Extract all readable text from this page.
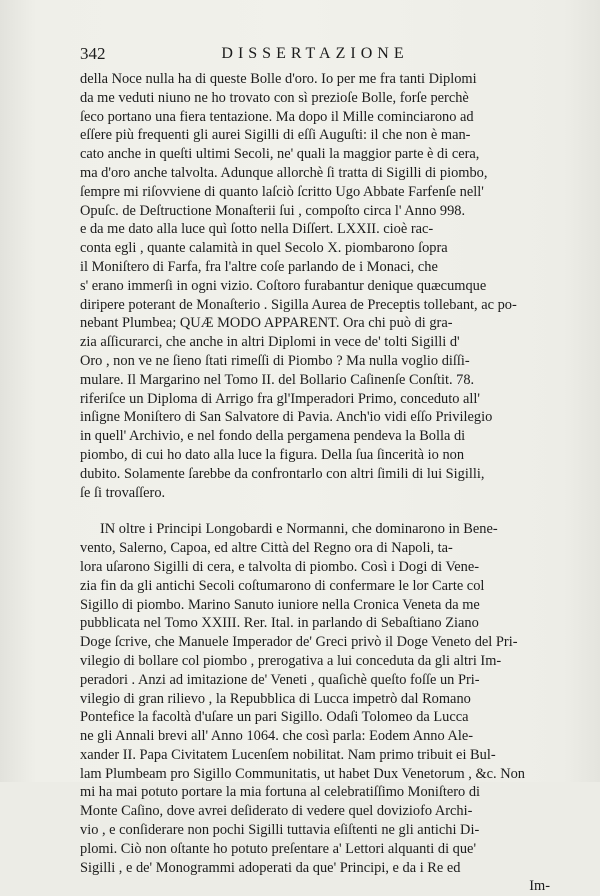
342	DISSERTAZIONE
della Noce nulla ha di queste Bolle d'oro. Io per me fra tanti Diplomi
da me veduti niuno ne ho trovato con sì prezioſe Bolle, forſe perchè
ſeco portano una fiera tentazione. Ma dopo il Mille cominciarono ad
eſſere più frequenti gli aurei Sigilli di eſſi Auguſti: il che non è man-
cato anche in queſti ultimi Secoli, ne' quali la maggior parte è di cera,
ma d'oro anche talvolta. Adunque allorchè ſi tratta di Sigilli di piombo,
ſempre mi riſovviene di quanto laſciò ſcritto Ugo Abbate Farfenſe nell'
Opuſc. de Deſtructione Monaſterii ſui , compoſto circa l' Anno 998.
e da me dato alla luce quì ſotto nella Diſſert. LXXII. cioè rac-
conta egli , quante calamità in quel Secolo X. piombarono ſopra
il Moniſtero di Farfa, fra l'altre coſe parlando de i Monaci, che
s' erano immerſi in ogni vizio. Coſtoro furabantur denique quæcumque
diripere poterant de Monaſterio . Sigilla Aurea de Preceptis tollebant, ac po-
nebant Plumbea; QUÆ MODO APPARENT. Ora chi può di gra-
zia aſſicurarci, che anche in altri Diplomi in vece de' tolti Sigilli d'
Oro , non ve ne ſieno ſtati rimeſſi di Piombo ? Ma nulla voglio diſſi-
mulare. Il Margarino nel Tomo II. del Bollario Caſinenſe Conſtit. 78.
riferiſce un Diploma di Arrigo fra gl'Imperadori Primo, conceduto all'
inſigne Moniſtero di San Salvatore di Pavia. Anch'io vidi eſſo Privilegio
in quell' Archivio, e nel fondo della pergamena pendeva la Bolla di
piombo, di cui ho dato alla luce la figura. Della ſua ſincerità io non
dubito. Solamente ſarebbe da confrontarlo con altri ſimili di lui Sigilli,
ſe ſi trovaſſero.
IN oltre i Principi Longobardi e Normanni, che dominarono in Bene-
vento, Salerno, Capoa, ed altre Città del Regno ora di Napoli, ta-
lora uſarono Sigilli di cera, e talvolta di piombo. Così i Dogi di Vene-
zia fin da gli antichi Secoli coſtumarono di confermare le lor Carte col
Sigillo di piombo. Marino Sanuto iuniore nella Cronica Veneta da me
pubblicata nel Tomo XXIII. Rer. Ital. in parlando di Sebaſtiano Ziano
Doge ſcrive, che Manuele Imperador de' Greci privò il Doge Veneto del Pri-
vilegio di bollare col piombo , prerogativa a lui conceduta da gli altri Im-
peradori . Anzi ad imitazione de' Veneti , quaſichè queſto foſſe un Pri-
vilegio di gran rilievo , la Repubblica di Lucca impetrò dal Romano
Pontefice la facoltà d'uſare un pari Sigillo. Odaſi Tolomeo da Lucca
ne gli Annali brevi all' Anno 1064. che così parla: Eodem Anno Ale-
xander II. Papa Civitatem Lucenſem nobilitat. Nam primo tribuit ei Bul-
lam Plumbeam pro Sigillo Communitatis, ut habet Dux Venetorum , &c. Non
mi ha mai potuto portare la mia fortuna al celebratiſſimo Moniſtero di
Monte Caſino, dove avrei deſiderato di vedere quel doviziofo Archi-
vio , e conſiderare non pochi Sigilli tuttavia eſiſtenti ne gli antichi Di-
plomi. Ciò non oſtante ho potuto preſentare a' Lettori alquanti di que'
Sigilli , e de' Monogrammi adoperati da que' Principi, e da i Re ed
Im-
